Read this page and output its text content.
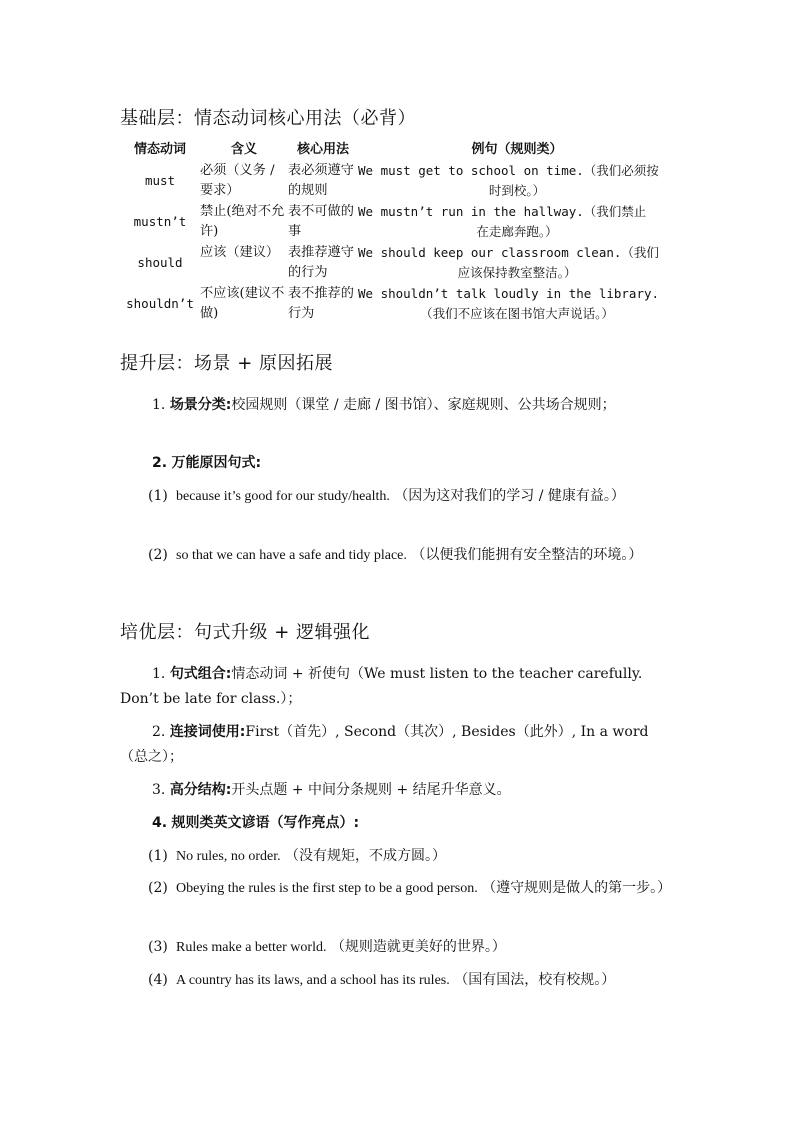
基础层：情态动词核心用法（必背）
情态动词	含义	核心用法	例句（规则类）
must	必须（义务 / 要求）	表必须遵守的规则	We must get to school on time.（我们必须按
时到校。）

mustn’t	禁止(绝对不允许)	表不可做的事	We mustn’t run in the hallway.（我们禁止
在走廊奔跑。）

should	应该（建议）	表推荐遵守的行为	We should keep our classroom clean.（我们
应该保持教室整洁。）

shouldn’t	不应该(建议不做)	表不推荐的行为	We shouldn’t talk loudly in the library.
（我们不应该在图书馆大声说话。）
提升层：场景 + 原因拓展

1. 场景分类:校园规则（课堂 / 走廊 / 图书馆）、家庭规则、公共场合规则；

2. 万能原因句式:

(1) because it’s good for our study/health. （因为这对我们的学习 / 健康有益。）

(2) so that we can have a safe and tidy place. （以便我们能拥有安全整洁的环境。）

培优层：句式升级 + 逻辑强化

1. 句式组合:情态动词 + 祈使句（We must listen to the teacher carefully. Don’t be late for class.）；

2. 连接词使用:First（首先）, Second（其次）, Besides（此外）, In a word（总之）；

3. 高分结构:开头点题 + 中间分条规则 + 结尾升华意义。

4. 规则类英文谚语（写作亮点）:

(1) No rules, no order. （没有规矩，不成方圆。）

(2) Obeying the rules is the first step to be a good person. （遵守规则是做人的第一步。）

(3) Rules make a better world. （规则造就更美好的世界。）

(4) A country has its laws, and a school has its rules. （国有国法，校有校规。）
